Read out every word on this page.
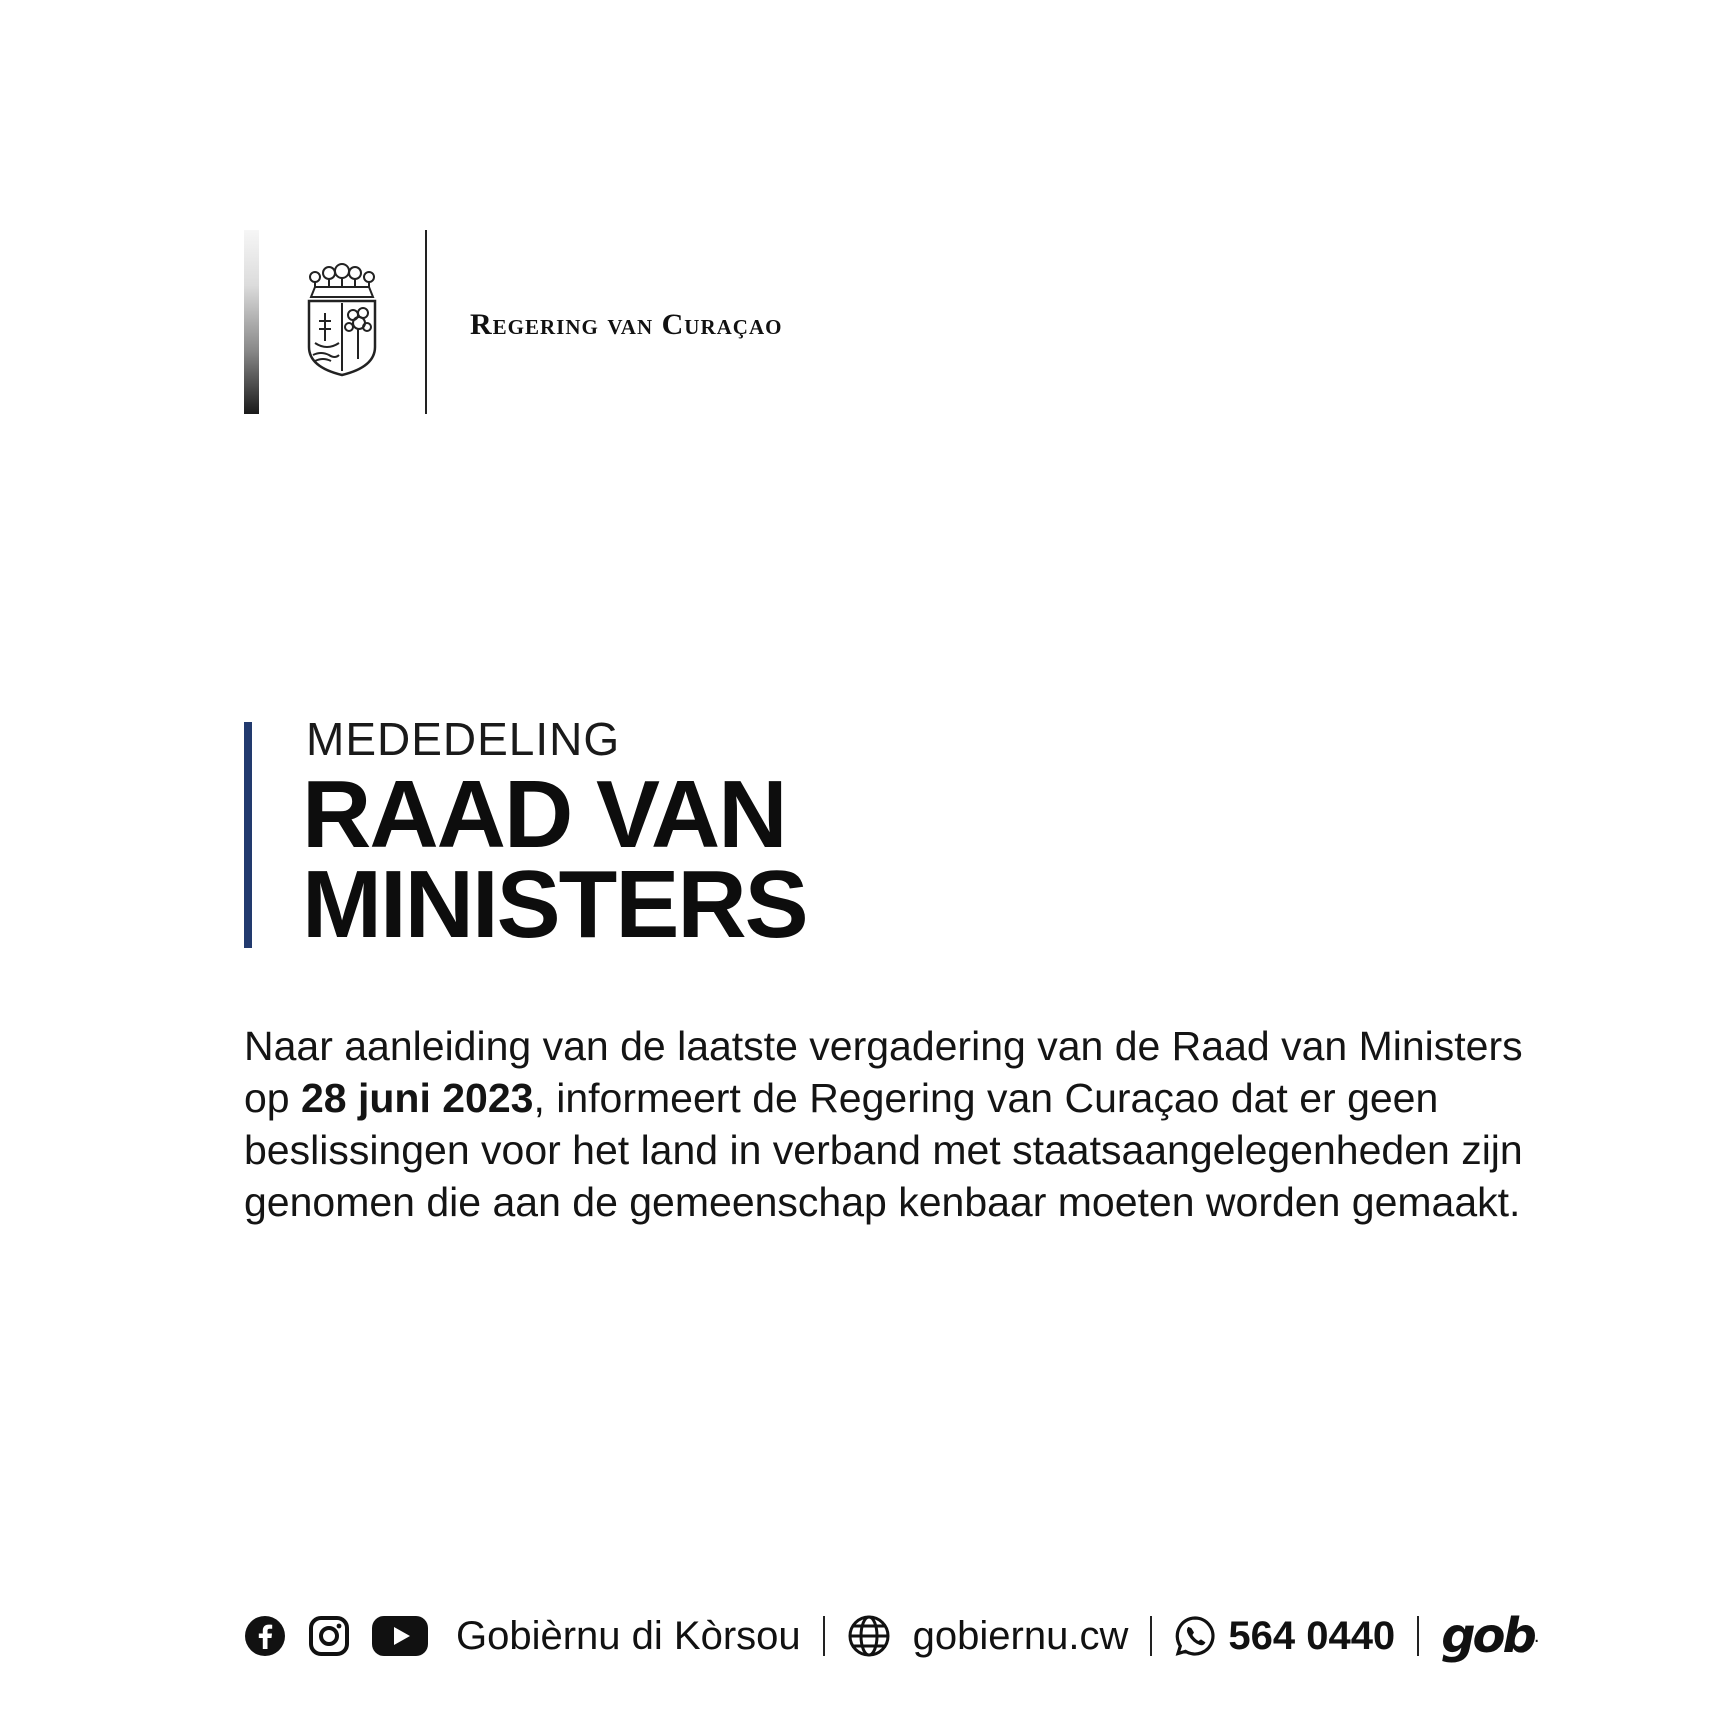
Regering van Curaçao
MEDEDELING
RAAD VAN
MINISTERS
Naar aanleiding van de laatste vergadering van de Raad van Ministers op 28 juni 2023, informeert de Regering van Curaçao dat er geen beslissingen voor het land in verband met staatsaangelegenheden zijn genomen die aan de gemeenschap kenbaar moeten worden gemaakt.
Gobièrnu di Kòrsou	gobiernu.cw	564 0440 gob .
